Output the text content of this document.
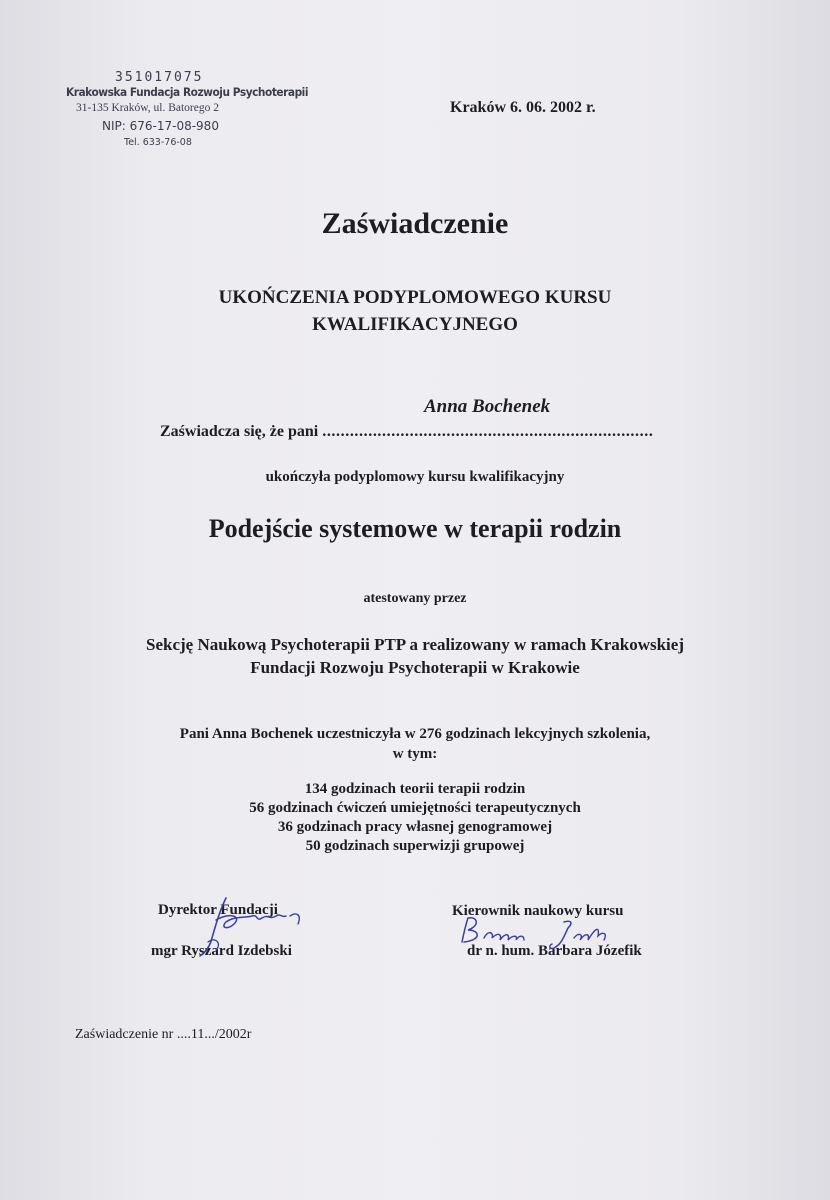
351017075
Krakowska Fundacja Rozwoju Psychoterapii
31-135 Kraków, ul. Batorego 2
NIP: 676-17-08-980
Tel. 633-76-08
Kraków 6. 06. 2002 r.
Zaświadczenie
UKOŃCZENIA PODYPLOMOWEGO KURSU
KWALIFIKACYJNEGO
Anna Bochenek
Zaświadcza się, że pani ........................................................................
ukończyła podyplomowy kursu kwalifikacyjny
Podejście systemowe w terapii rodzin
atestowany przez
Sekcję Naukową Psychoterapii PTP a realizowany w ramach Krakowskiej
Fundacji Rozwoju Psychoterapii w Krakowie
Pani Anna Bochenek uczestniczyła w 276 godzinach lekcyjnych szkolenia,
w tym:
134 godzinach teorii terapii rodzin
56 godzinach ćwiczeń umiejętności terapeutycznych
36 godzinach pracy własnej genogramowej
50 godzinach superwizji grupowej
Dyrektor Fundacji
mgr Ryszard Izdebski
Kierownik naukowy kursu
dr n. hum. Barbara Józefik
Zaświadczenie nr ....11.../2002r
